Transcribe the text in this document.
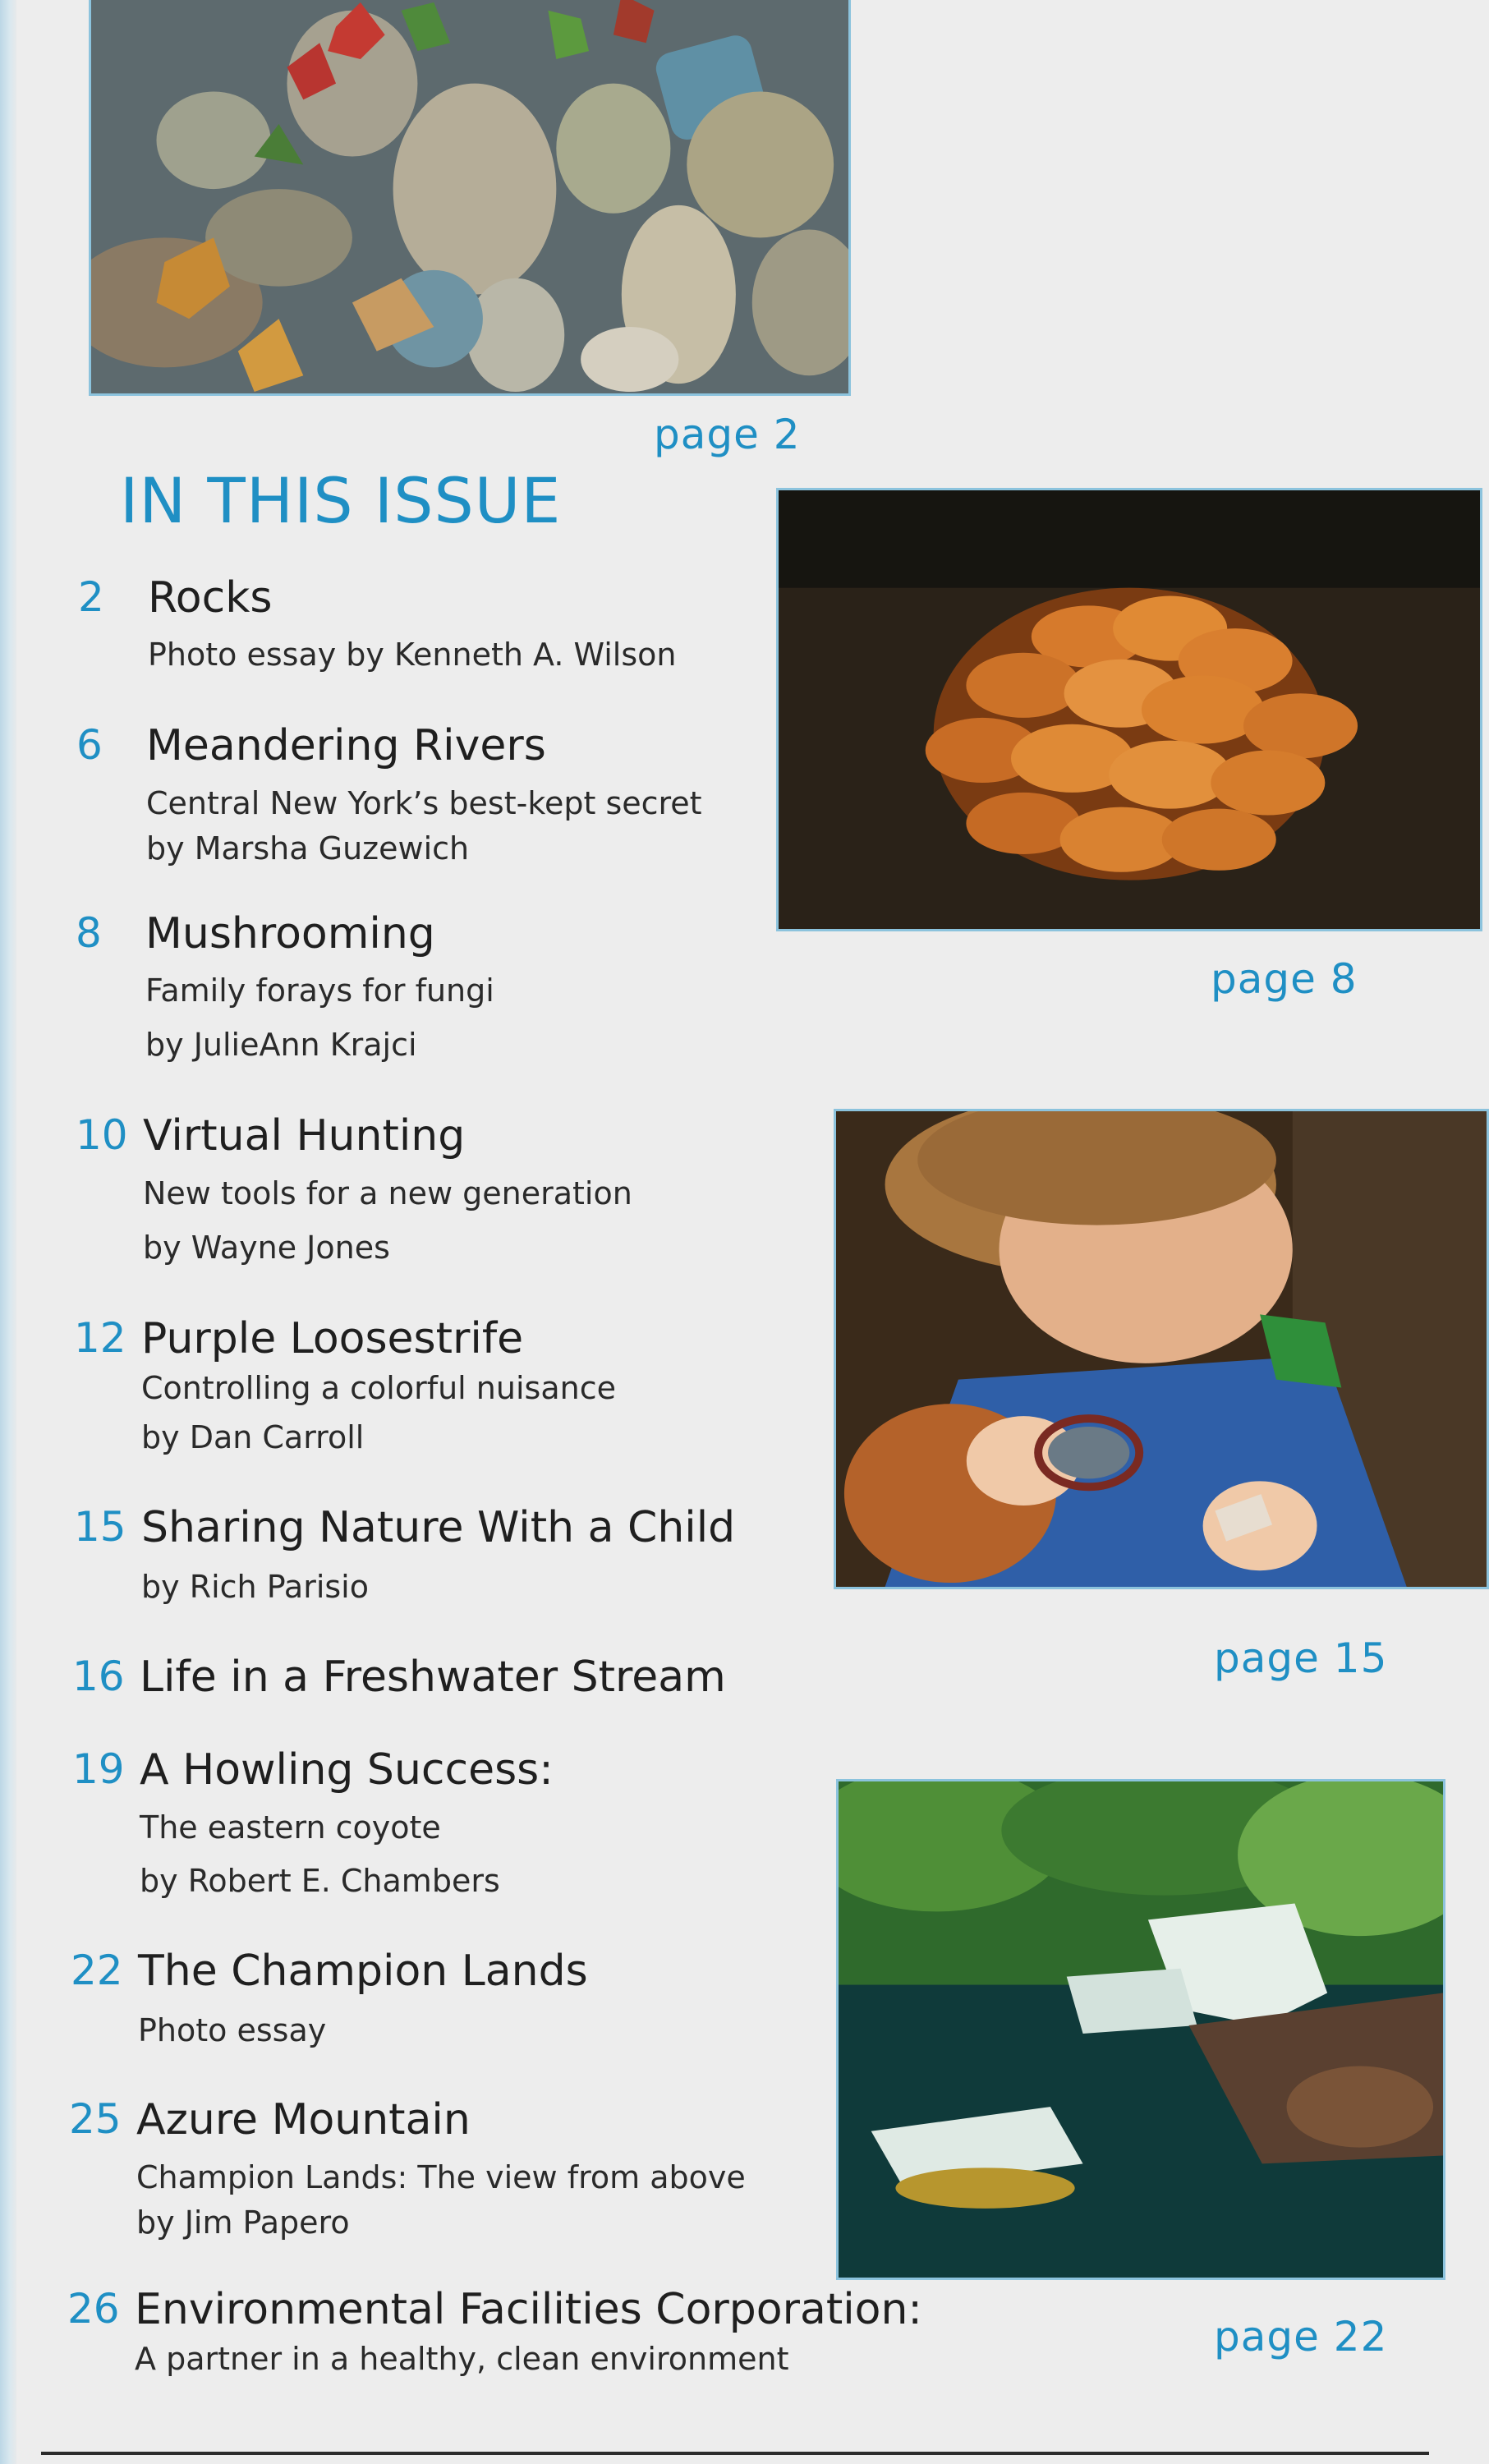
page 2
IN THIS ISSUE
page 8
page 15
page 22
2 Rocks
Photo essay by Kenneth A. Wilson
6 Meandering Rivers
Central New York’s best-kept secret
by Marsha Guzewich
8 Mushrooming
Family forays for fungi
by JulieAnn Krajci
10 Virtual Hunting
New tools for a new generation
by Wayne Jones
12 Purple Loosestrife
Controlling a colorful nuisance
by Dan Carroll
15 Sharing Nature With a Child
by Rich Parisio
16 Life in a Freshwater Stream
19 A Howling Success:
The eastern coyote
by Robert E. Chambers
22 The Champion Lands
Photo essay
25 Azure Mountain
Champion Lands: The view from above
by Jim Papero
26 Environmental Facilities Corporation:
A partner in a healthy, clean environment
